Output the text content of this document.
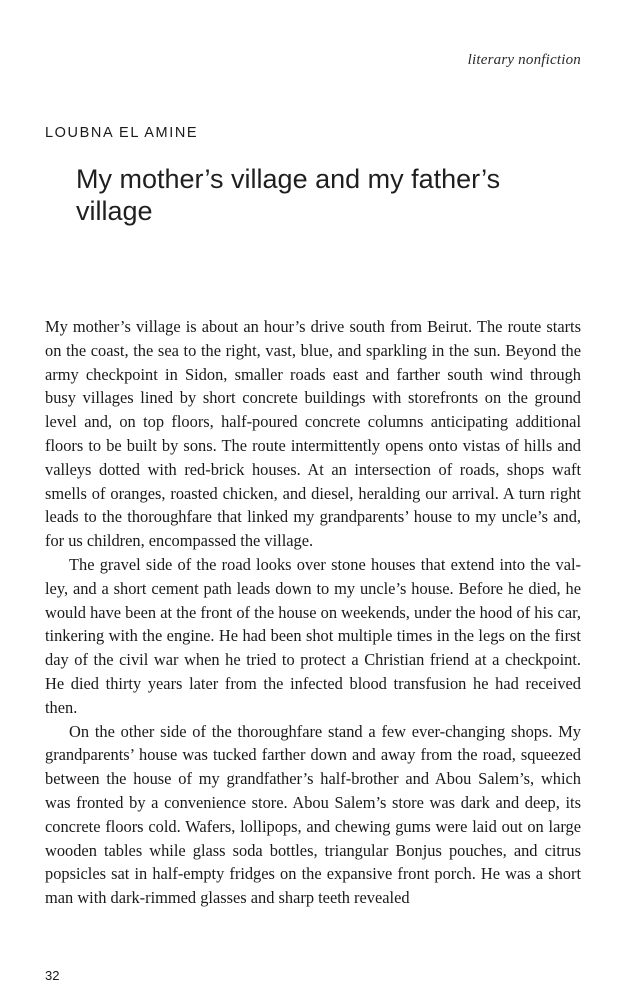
literary nonfiction
LOUBNA EL AMINE
My mother’s village and my father’s village

My mother’s village is about an hour’s drive south from Beirut. The route starts on the coast, the sea to the right, vast, blue, and sparkling in the sun. Beyond the army checkpoint in Sidon, smaller roads east and farther south wind through busy villages lined by short concrete buildings with storefronts on the ground level and, on top floors, half-poured concrete columns anticipating additional floors to be built by sons. The route intermittently opens onto vistas of hills and valleys dotted with red-brick houses. At an intersection of roads, shops waft smells of oranges, roasted chicken, and diesel, heralding our arrival. A turn right leads to the thoroughfare that linked my grandparents’ house to my uncle’s and, for us children, encompassed the village.

The gravel side of the road looks over stone houses that extend into the valley, and a short cement path leads down to my uncle’s house. Before he died, he would have been at the front of the house on weekends, under the hood of his car, tinkering with the engine. He had been shot multiple times in the legs on the first day of the civil war when he tried to protect a Christian friend at a checkpoint. He died thirty years later from the infected blood transfusion he had received then.

On the other side of the thoroughfare stand a few ever-changing shops. My grandparents’ house was tucked farther down and away from the road, squeezed between the house of my grandfather’s half-brother and Abou Salem’s, which was fronted by a convenience store. Abou Salem’s store was dark and deep, its concrete floors cold. Wafers, lollipops, and chewing gums were laid out on large wooden tables while glass soda bottles, triangular Bonjus pouches, and citrus popsicles sat in half-empty fridges on the expansive front porch. He was a short man with dark-rimmed glasses and sharp teeth revealed

32
